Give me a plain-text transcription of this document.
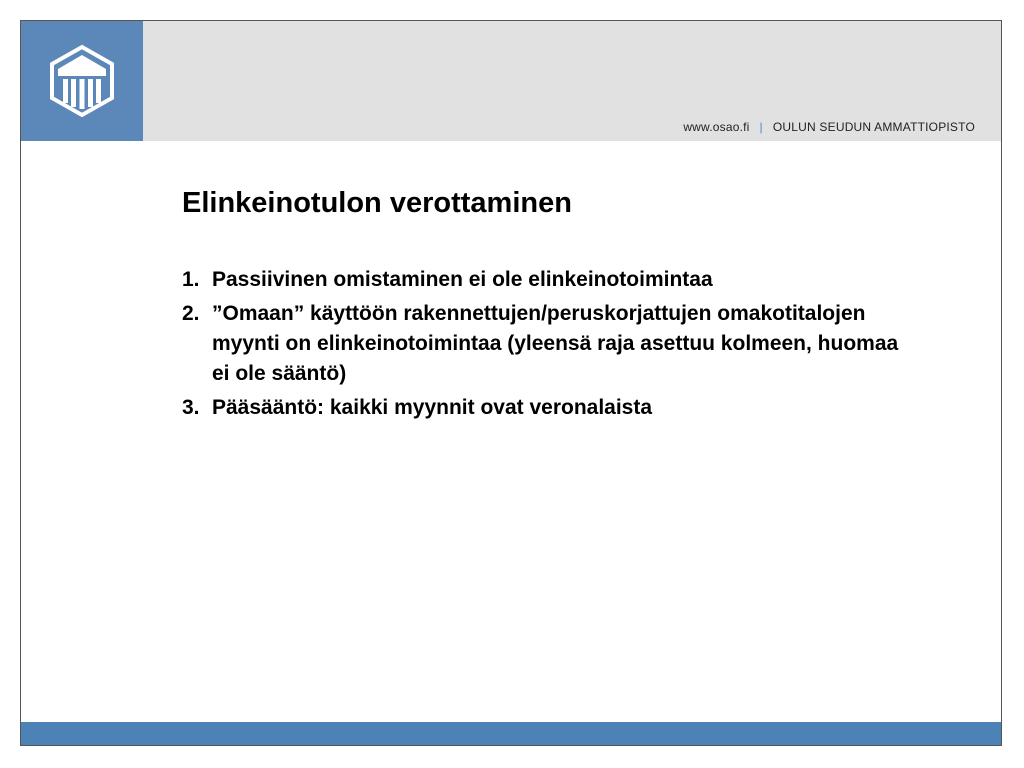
www.osao.fi | OULUN SEUDUN AMMATTIOPISTO
Elinkeinotulon verottaminen
1. Passiivinen omistaminen ei ole elinkeinotoimintaa
2. ”Omaan” käyttöön rakennettujen/peruskorjattujen omakotitalojen myynti on elinkeinotoimintaa (yleensä raja asettuu kolmeen, huomaa ei ole sääntö)
3. Pääsääntö: kaikki myynnit ovat veronalaista
